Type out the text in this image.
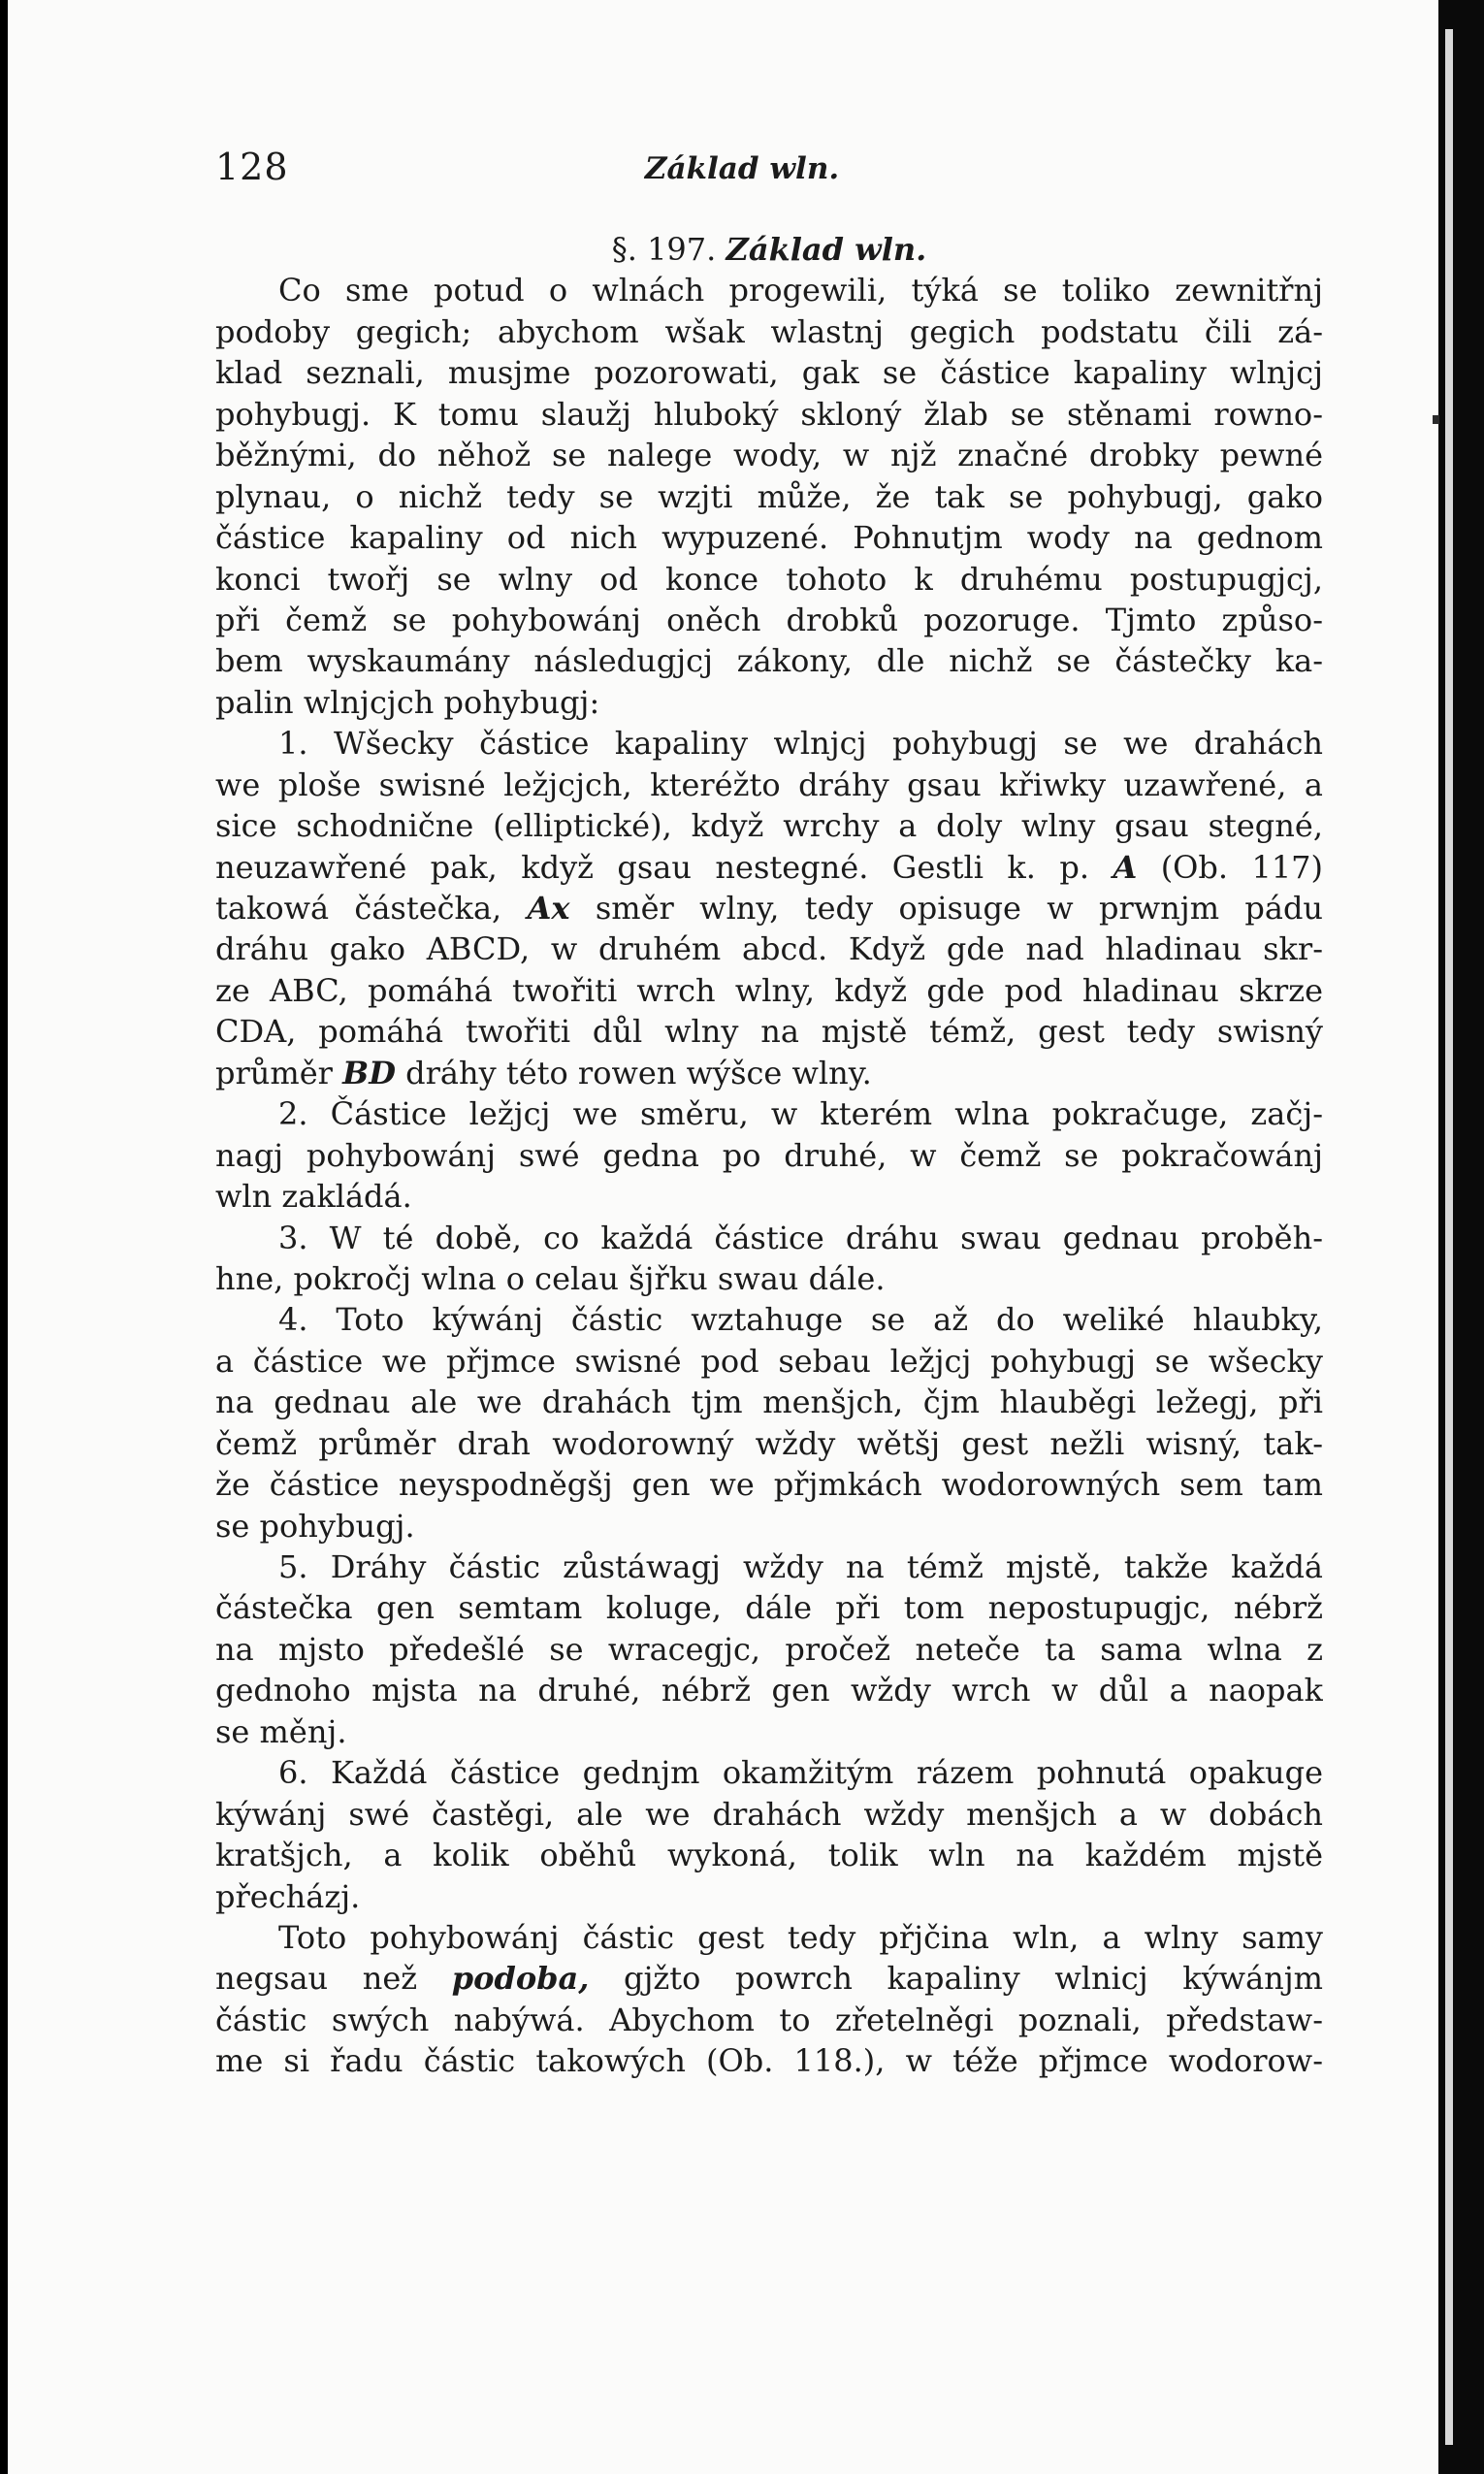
128	Základ wln.
§. 197. Základ wln.
Co sme potud o wlnách progewili, týká se toliko zewnitřnj
podoby gegich; abychom wšak wlastnj gegich podstatu čili zá-
klad seznali, musjme pozorowati, gak se částice kapaliny wlnjcj
pohybugj. K tomu slaužj hluboký skloný žlab se stěnami rowno-
běžnými, do něhož se nalege wody, w njž značné drobky pewné
plynau, o nichž tedy se wzjti může, že tak se pohybugj, gako
částice kapaliny od nich wypuzené. Pohnutjm wody na gednom
konci twořj se wlny od konce tohoto k druhému postupugjcj,
při čemž se pohybowánj oněch drobků pozoruge. Tjmto způso-
bem wyskaumány následugjcj zákony, dle nichž se částečky ka-
palin wlnjcjch pohybugj:
1. Wšecky částice kapaliny wlnjcj pohybugj se we drahách
we ploše swisné ležjcjch, kteréžto dráhy gsau křiwky uzawřené, a
sice schodnične (elliptické), když wrchy a doly wlny gsau stegné,
neuzawřené pak, když gsau nestegné. Gestli k. p. A (Ob. 117)
takowá částečka, Ax směr wlny, tedy opisuge w prwnjm pádu
dráhu gako ABCD, w druhém abcd. Když gde nad hladinau skr-
ze ABC, pomáhá twořiti wrch wlny, když gde pod hladinau skrze
CDA, pomáhá twořiti důl wlny na mjstě témž, gest tedy swisný
průměr BD dráhy této rowen wýšce wlny.
2. Částice ležjcj we směru, w kterém wlna pokračuge, začj-
nagj pohybowánj swé gedna po druhé, w čemž se pokračowánj
wln zakládá.
3. W té době, co každá částice dráhu swau gednau proběh-
hne, pokročj wlna o celau šjřku swau dále.
4. Toto kýwánj částic wztahuge se až do weliké hlaubky,
a částice we přjmce swisné pod sebau ležjcj pohybugj se wšecky
na gednau ale we drahách tjm menšjch, čjm hlauběgi ležegj, při
čemž průměr drah wodorowný wždy wětšj gest nežli wisný, tak-
že částice neyspodněgšj gen we přjmkách wodorowných sem tam
se pohybugj.
5. Dráhy částic zůstáwagj wždy na témž mjstě, takže každá
částečka gen semtam koluge, dále při tom nepostupugjc, nébrž
na mjsto předešlé se wracegjc, pročež neteče ta sama wlna z
gednoho mjsta na druhé, nébrž gen wždy wrch w důl a naopak
se měnj.
6. Každá částice gednjm okamžitým rázem pohnutá opakuge
kýwánj swé častěgi, ale we drahách wždy menšjch a w dobách
kratšjch, a kolik oběhů wykoná, tolik wln na každém mjstě
přecházj.
Toto pohybowánj částic gest tedy přjčina wln, a wlny samy
negsau než podoba, gjžto powrch kapaliny wlnicj kýwánjm
částic swých nabýwá. Abychom to zřetelněgi poznali, předstaw-
me si řadu částic takowých (Ob. 118.), w téže přjmce wodorow-
